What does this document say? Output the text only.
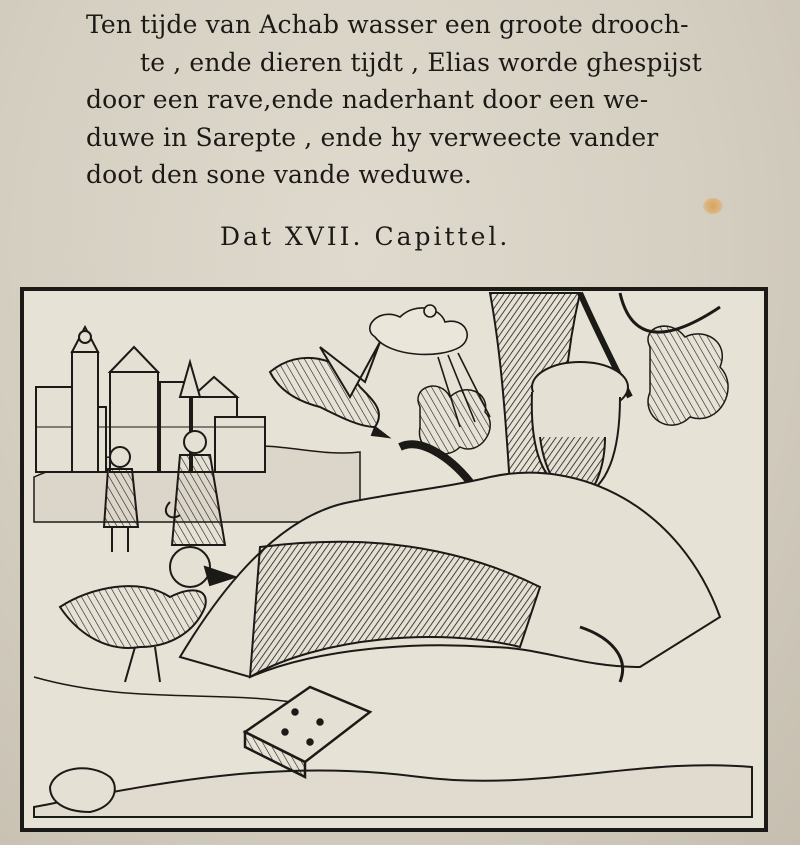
Ten tijde van Achab wasser een groote drooch-
te , ende dieren tijdt , Elias worde ghespijst
door een rave,ende naderhant door een we-
duwe in Sarepte , ende hy verweecte vander
doot den sone vande weduwe.
Dat XVII. Capittel.
